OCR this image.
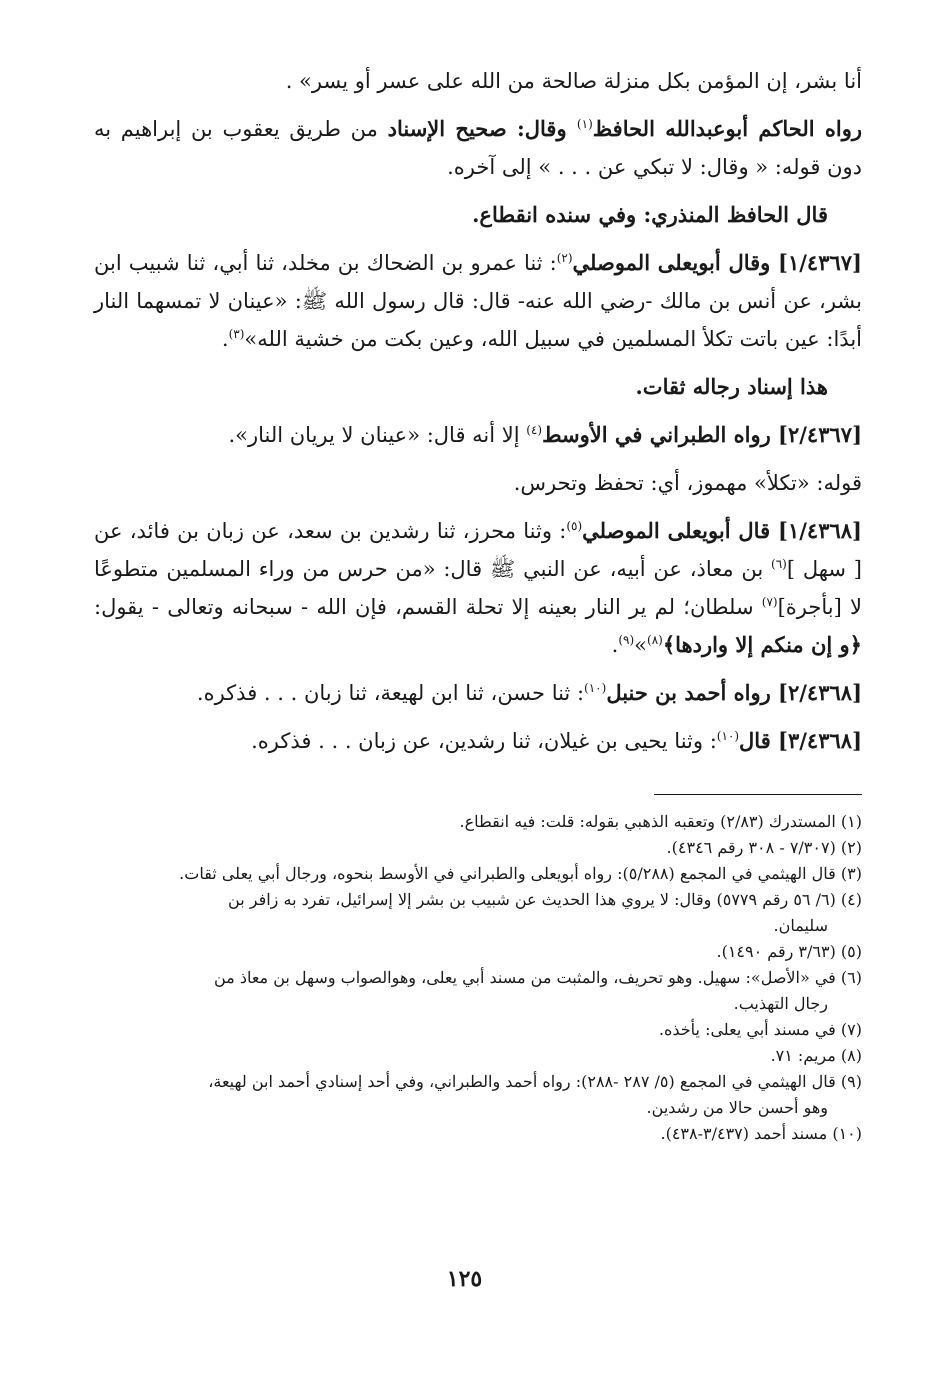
أنا بشر، إن المؤمن بكل منزلة صالحة من الله على عسر أو يسر» .
رواه الحاكم أبوعبدالله الحافظ$^{(١)}$ وقال: صحيح الإسناد من طريق يعقوب بن إبراهيم به دون قوله: « وقال: لا تبكي عن . . . » إلى آخره.
قال الحافظ المنذري: وفي سنده انقطاع.
[١/٤٣٦٧] وقال أبويعلى الموصلي$^{(٢)}$: ثنا عمرو بن الضحاك بن مخلد، ثنا أبي، ثنا شبيب ابن بشر، عن أنس بن مالك -رضي الله عنه- قال: قال رسول الله ﷺ: «عينان لا تمسهما النار أبدًا: عين باتت تكلأ المسلمين في سبيل الله، وعين بكت من خشية الله»$^{(٣)}$.
هذا إسناد رجاله ثقات.
[٢/٤٣٦٧] رواه الطبراني في الأوسط$^{(٤)}$ إلا أنه قال: «عينان لا يريان النار».
قوله: «تكلأ» مهموز، أي: تحفظ وتحرس.
[١/٤٣٦٨] قال أبويعلى الموصلي$^{(٥)}$: وثنا محرز، ثنا رشدين بن سعد، عن زبان بن فائد، عن [ سهل ]$^{(٦)}$ بن معاذ، عن أبيه، عن النبي ﷺ قال: «من حرس من وراء المسلمين متطوعًا لا [بأجرة]$^{(٧)}$ سلطان؛ لم ير النار بعينه إلا تحلة القسم، فإن الله - سبحانه وتعالى - يقول: ﴿و إن منكم إلا واردها﴾$^{(٨)}$»$^{(٩)}$.
[٢/٤٣٦٨] رواه أحمد بن حنبل$^{(١٠)}$: ثنا حسن، ثنا ابن لهيعة، ثنا زبان . . . فذكره.
[٣/٤٣٦٨] قال$^{(١٠)}$: وثنا يحيى بن غيلان، ثنا رشدين، عن زبان . . . فذكره.
(١) المستدرك (٢/٨٣) وتعقبه الذهبي بقوله: قلت: فيه انقطاع.
(٢) (٧/٣٠٧ - ٣٠٨ رقم ٤٣٤٦).
(٣) قال الهيثمي في المجمع (٥/٢٨٨): رواه أبويعلى والطبراني في الأوسط بنحوه، ورجال أبي يعلى ثقات.
(٤) (٦/ ٥٦ رقم ٥٧٧٩) وقال: لا يروي هذا الحديث عن شبيب بن بشر إلا إسرائيل، تفرد به زافر بن
سليمان.
(٥) (٣/٦٣ رقم ١٤٩٠).
(٦) في «الأصل»: سهيل. وهو تحريف، والمثبت من مسند أبي يعلى، وهوالصواب وسهل بن معاذ من
رجال التهذيب.
(٧) في مسند أبي يعلى: يأخذه.
(٨) مريم: ٧١.
(٩) قال الهيثمي في المجمع (٥/ ٢٨٧ -٢٨٨): رواه أحمد والطبراني، وفي أحد إسنادي أحمد ابن لهيعة،
وهو أحسن حالا من رشدين.
(١٠) مسند أحمد (٣/٤٣٧-٤٣٨).
١٢٥
